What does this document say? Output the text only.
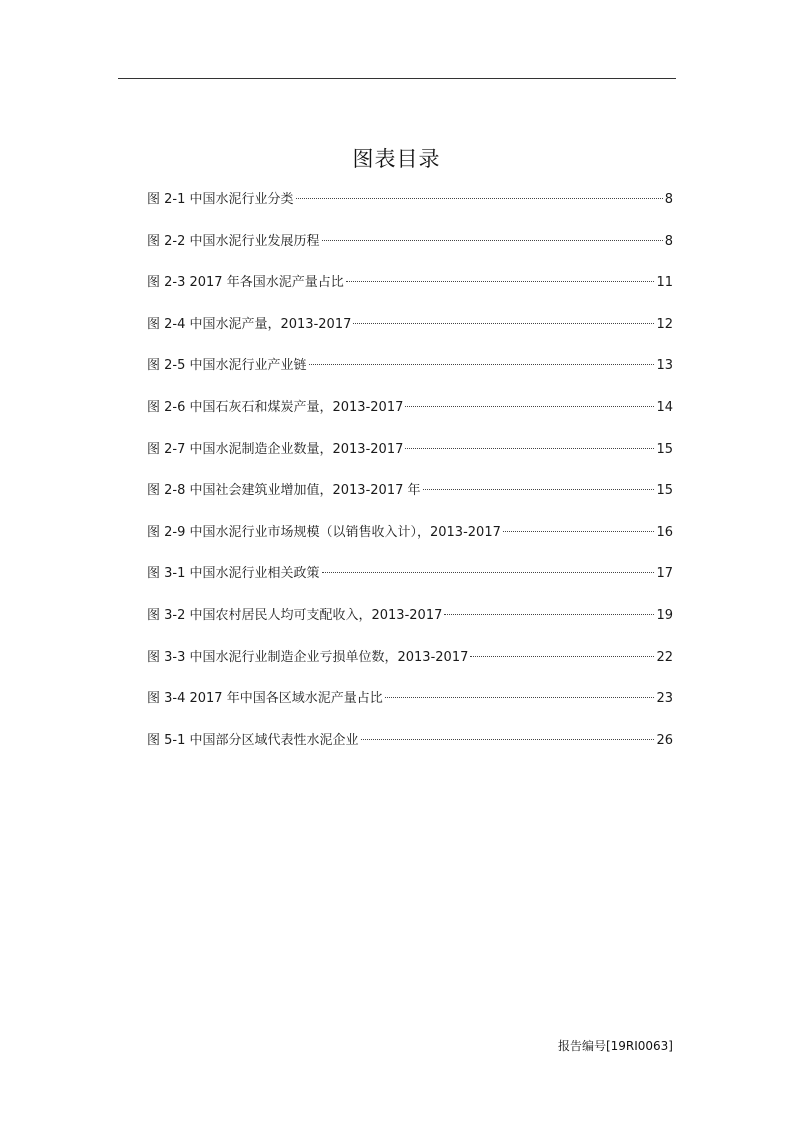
图表目录
图 2-1 中国水泥行业分类	8
图 2-2 中国水泥行业发展历程	8
图 2-3 2017 年各国水泥产量占比	11
图 2-4 中国水泥产量，2013-2017	12
图 2-5 中国水泥行业产业链	13
图 2-6 中国石灰石和煤炭产量，2013-2017	14
图 2-7 中国水泥制造企业数量，2013-2017	15
图 2-8 中国社会建筑业增加值，2013-2017 年	15
图 2-9 中国水泥行业市场规模（以销售收入计），2013-2017	16
图 3-1 中国水泥行业相关政策	17
图 3-2 中国农村居民人均可支配收入，2013-2017	19
图 3-3 中国水泥行业制造企业亏损单位数，2013-2017	22
图 3-4 2017 年中国各区域水泥产量占比	23
图 5-1 中国部分区域代表性水泥企业	26
报告编号[19RI0063]
